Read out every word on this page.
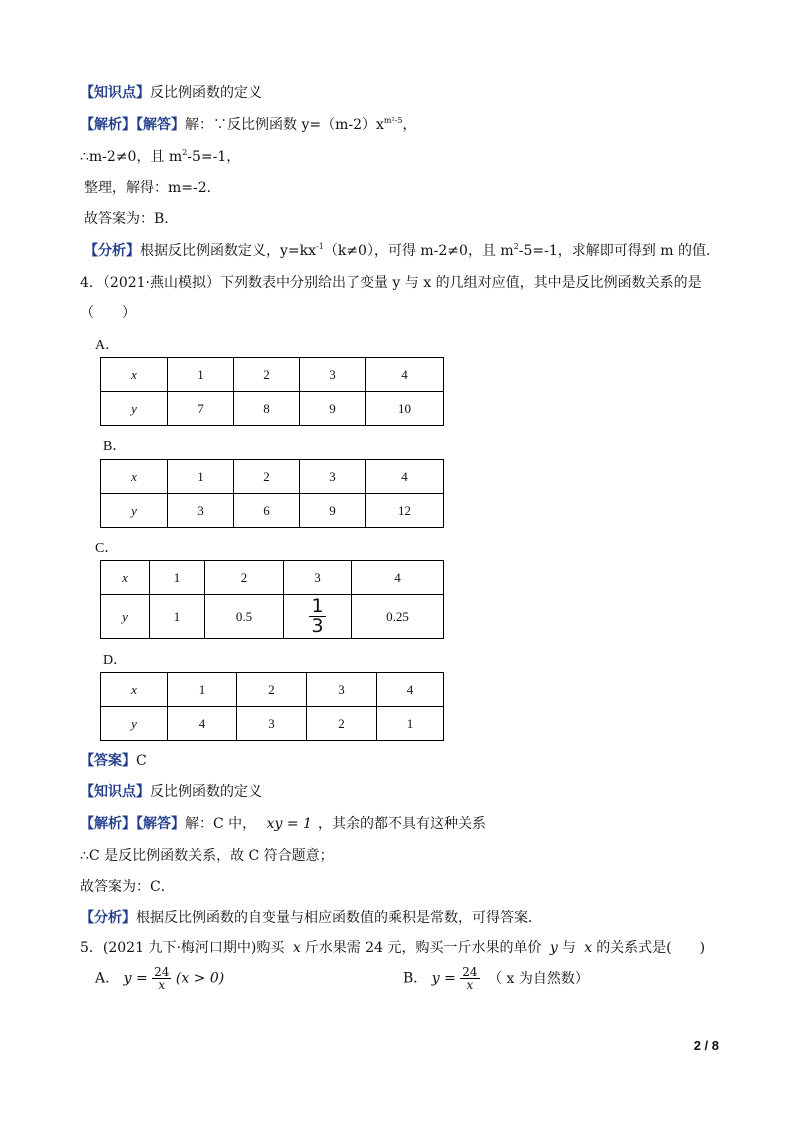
【知识点】反比例函数的定义
【解析】【解答】解：∵反比例函数 $y=(m-2)x^{m^2-5}$，
∴m-2≠0，且 $m^2-5=-1$，
整理，解得：m=-2.
故答案为：B.
【分析】根据反比例函数定义，$y=kx^{-1}(k\ne 0)$，可得 m-2≠0，且 $m^2-5=-1$，求解即可得到 m 的值.
4．（2021·燕山模拟）下列数表中分别给出了变量 y 与 x 的几组对应值，其中是反比例函数关系的是
（　　）
A．
x	1	2	3	4
y	7	8	9	10
B．
x	1	2	3	4
y	3	6	9	12
C．
x	1	2	3	4
y	1	0.5	$\frac{1}{3}$	0.25
D．
x	1	2	3	4
y	4	3	2	1
【答案】C
【知识点】反比例函数的定义
【解析】【解答】解：C 中， xy = 1 ，其余的都不具有这种关系
∴C 是反比例函数关系，故 C 符合题意；
故答案为：C．
【分析】根据反比例函数的自变量与相应函数值的乘积是常数，可得答案．
5．(2021 九下·梅河口期中)购买 x 斤水果需 24 元，购买一斤水果的单价 y 与 x 的关系式是(　　)
A． $y = \frac{24}{x} (x > 0)$	B． $y = \frac{24}{x}$ （ x 为自然数）
2 / 8
